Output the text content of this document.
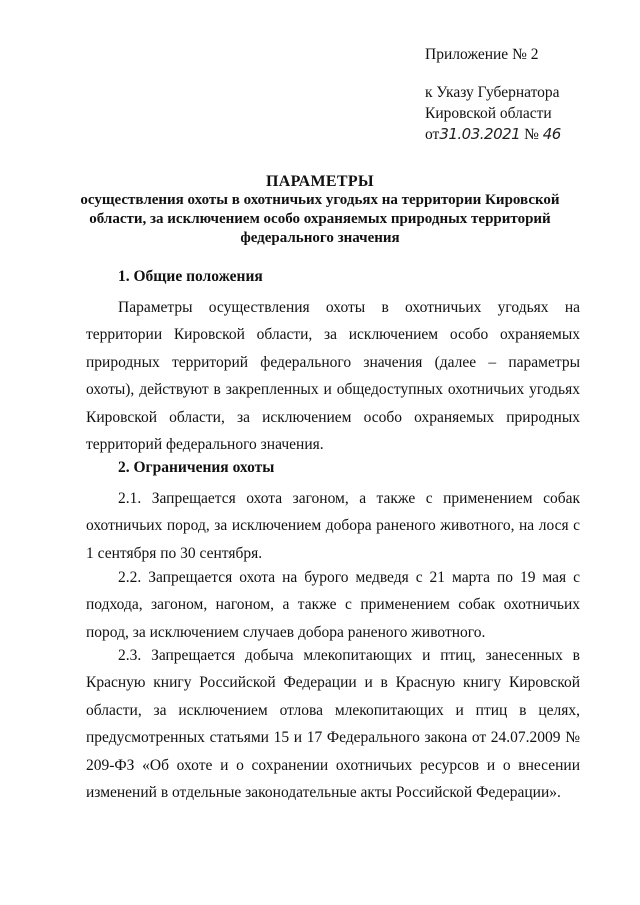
Приложение № 2
к Указу Губернатора
Кировской области
от31.03.2021 № 46
ПАРАМЕТРЫ
осуществления охоты в охотничьих угодьях на территории Кировской
области, за исключением особо охраняемых природных территорий
федерального значения
1. Общие положения

Параметры осуществления охоты в охотничьих угодьях на территории Кировской области, за исключением особо охраняемых природных территорий федерального значения (далее – параметры охоты), действуют в закрепленных и общедоступных охотничьих угодьях Кировской области, за исключением особо охраняемых природных территорий федерального значения.

2. Ограничения охоты

2.1. Запрещается охота загоном, а также с применением собак охотничьих пород, за исключением добора раненого животного, на лося с 1 сентября по 30 сентября.

2.2. Запрещается охота на бурого медведя с 21 марта по 19 мая с подхода, загоном, нагоном, а также с применением собак охотничьих пород, за исключением случаев добора раненого животного.

2.3. Запрещается добыча млекопитающих и птиц, занесенных в Красную книгу Российской Федерации и в Красную книгу Кировской области, за исключением отлова млекопитающих и птиц в целях, предусмотренных статьями 15 и 17 Федерального закона от 24.07.2009 № 209-ФЗ «Об охоте и о сохранении охотничьих ресурсов и о внесении изменений в отдельные законодательные акты Российской Федерации».
